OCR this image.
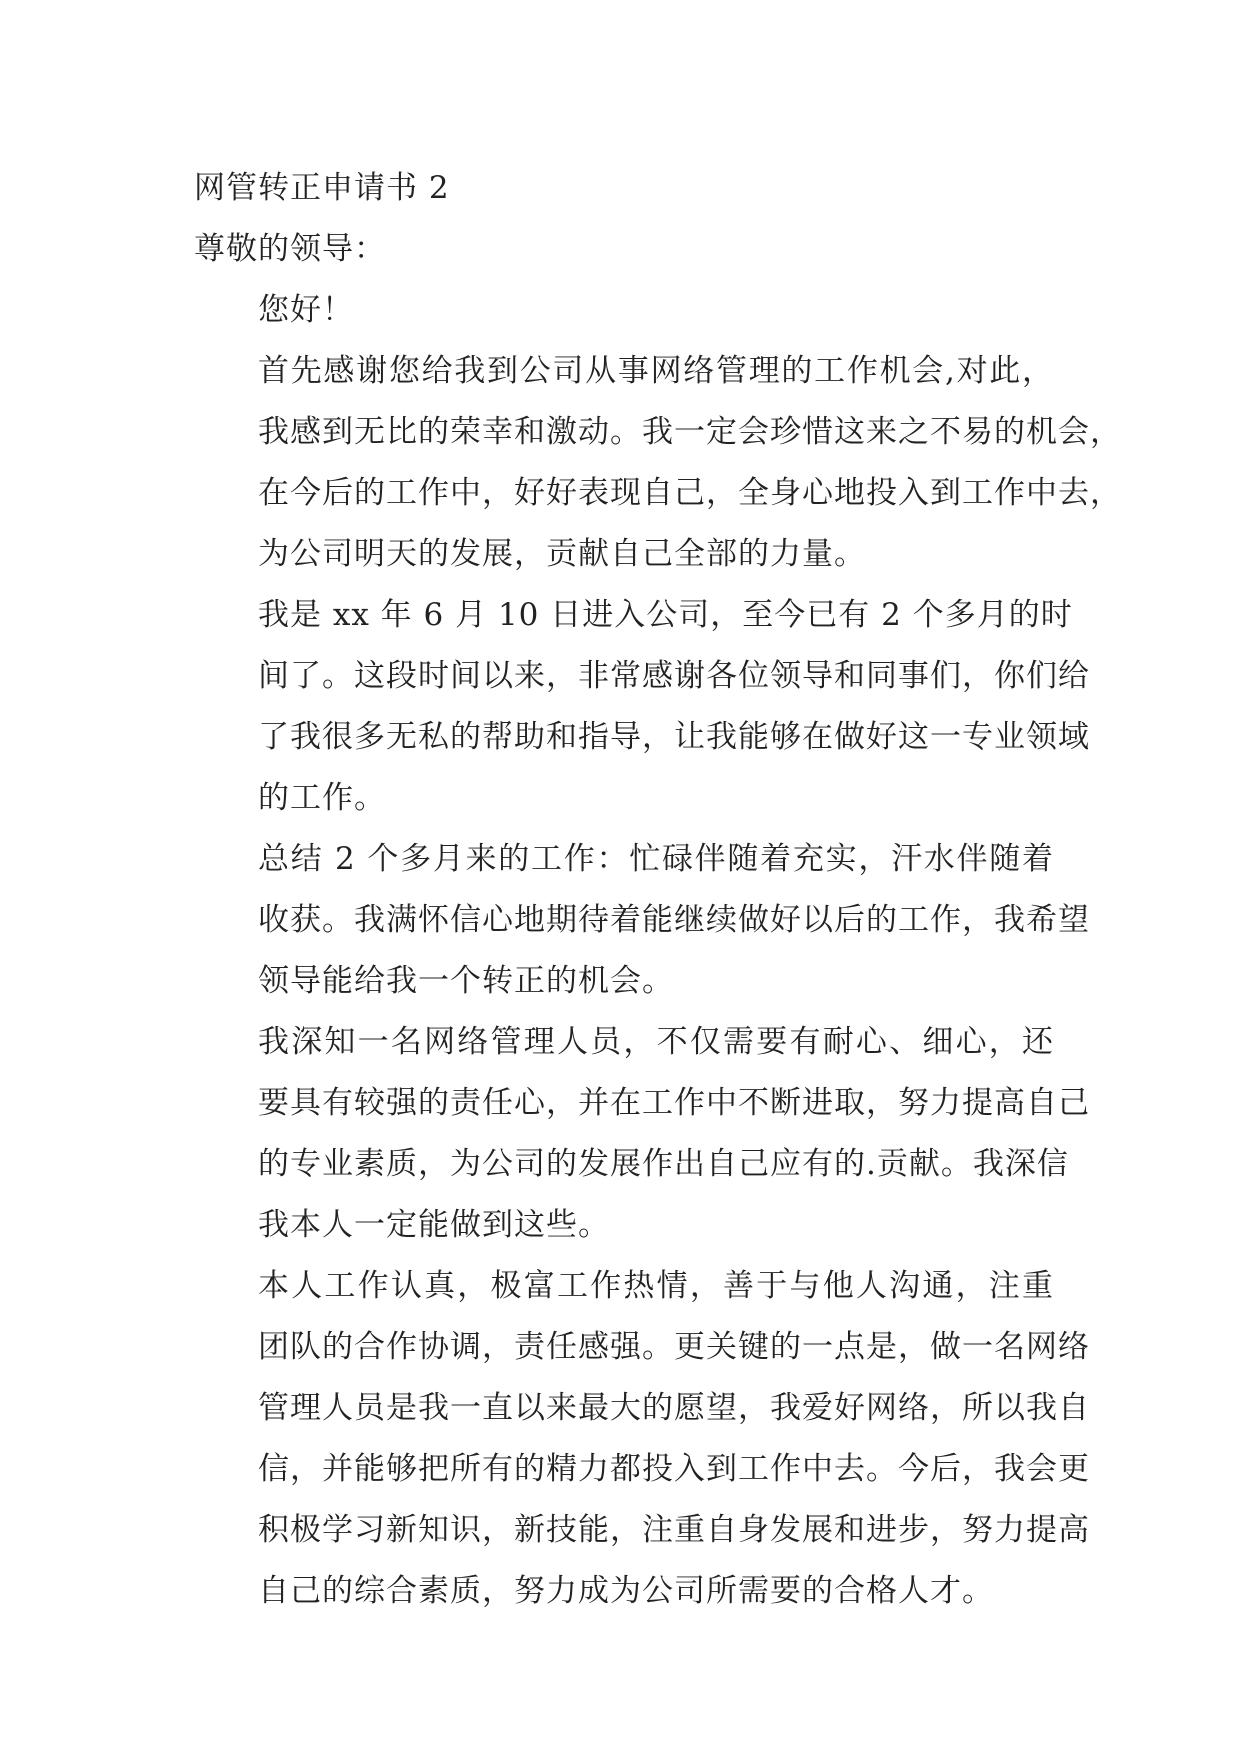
网管转正申请书 2
尊敬的领导：
您好！
首先感谢您给我到公司从事网络管理的工作机会,对此，
我感到无比的荣幸和激动。我一定会珍惜这来之不易的机会，
在今后的工作中，好好表现自己，全身心地投入到工作中去，
为公司明天的发展，贡献自己全部的力量。
我是 xx 年 6 月 10 日进入公司，至今已有 2 个多月的时
间了。这段时间以来，非常感谢各位领导和同事们，你们给
了我很多无私的帮助和指导，让我能够在做好这一专业领域
的工作。
总结 2 个多月来的工作：忙碌伴随着充实，汗水伴随着
收获。我满怀信心地期待着能继续做好以后的工作，我希望
领导能给我一个转正的机会。
我深知一名网络管理人员，不仅需要有耐心、细心，还
要具有较强的责任心，并在工作中不断进取，努力提高自己
的专业素质，为公司的发展作出自己应有的.贡献。我深信
我本人一定能做到这些。
本人工作认真，极富工作热情，善于与他人沟通，注重
团队的合作协调，责任感强。更关键的一点是，做一名网络
管理人员是我一直以来最大的愿望，我爱好网络，所以我自
信，并能够把所有的精力都投入到工作中去。今后，我会更
积极学习新知识，新技能，注重自身发展和进步，努力提高
自己的综合素质，努力成为公司所需要的合格人才。
